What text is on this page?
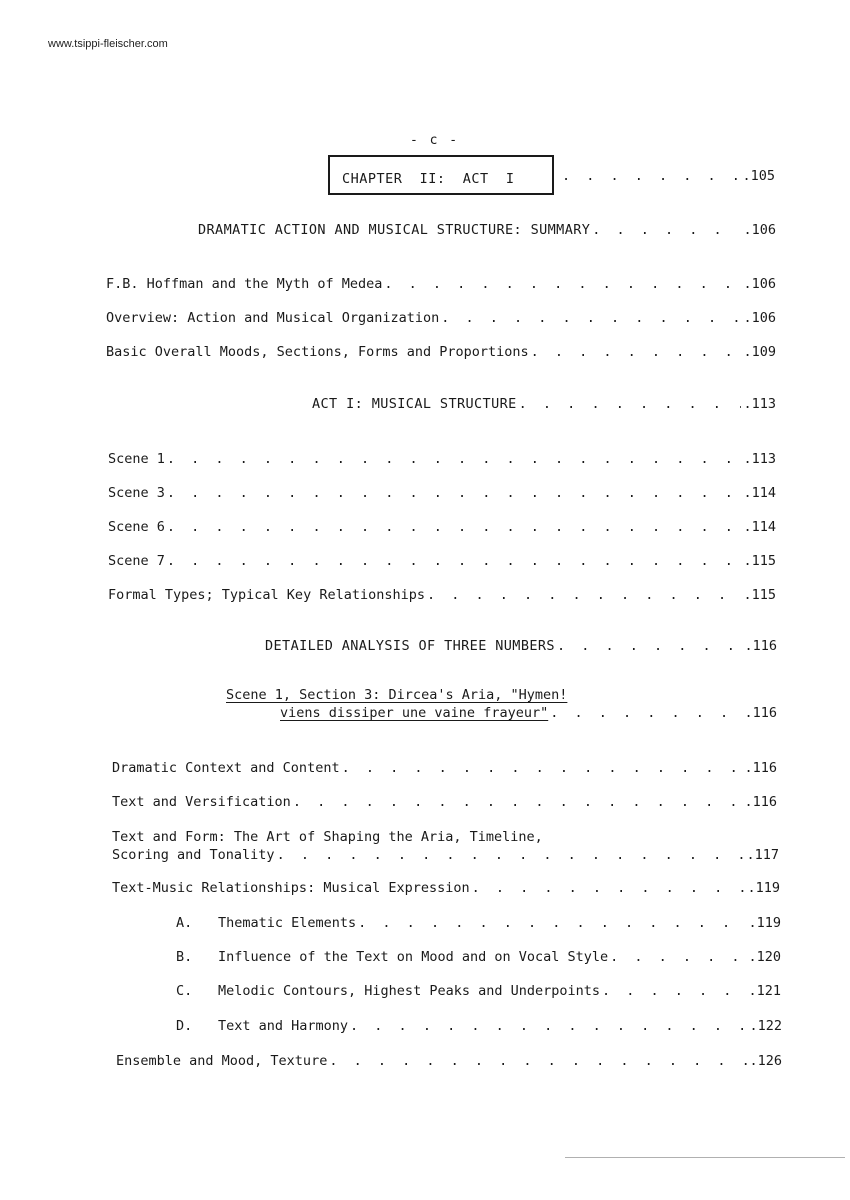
www.tsippi-fleischer.com
- c -
CHAPTER  II:  ACT  I . . .	.105
DRAMATIC ACTION AND MUSICAL STRUCTURE: SUMMARY . . .	.106
F.B. Hoffman and the Myth of Medea . . .	.106
Overview: Action and Musical Organization . . .	.106
Basic Overall Moods, Sections, Forms and Proportions . . .	.109
ACT I: MUSICAL STRUCTURE . . .	.113
Scene 1 . . .	.113
Scene 3 . . .	.114
Scene 6 . . .	.114
Scene 7 . . .	.115
Formal Types; Typical Key Relationships . . .	.115
DETAILED ANALYSIS OF THREE NUMBERS . . .	.116
Scene 1, Section 3: Dircea's Aria, "Hymen!
viens dissiper une vaine frayeur" . . .	.116
Dramatic Context and Content . . .	.116
Text and Versification . . .	.116
Text and Form: The Art of Shaping the Aria, Timeline,
Scoring and Tonality . . .	.117
Text-Music Relationships: Musical Expression . . .	.119
A.	Thematic Elements . . .	.119
B.	Influence of the Text on Mood and on Vocal Style . . .	.120
C.	Melodic Contours, Highest Peaks and Underpoints . . .	.121
D.	Text and Harmony . . .	.122
Ensemble and Mood, Texture . . .	.126
